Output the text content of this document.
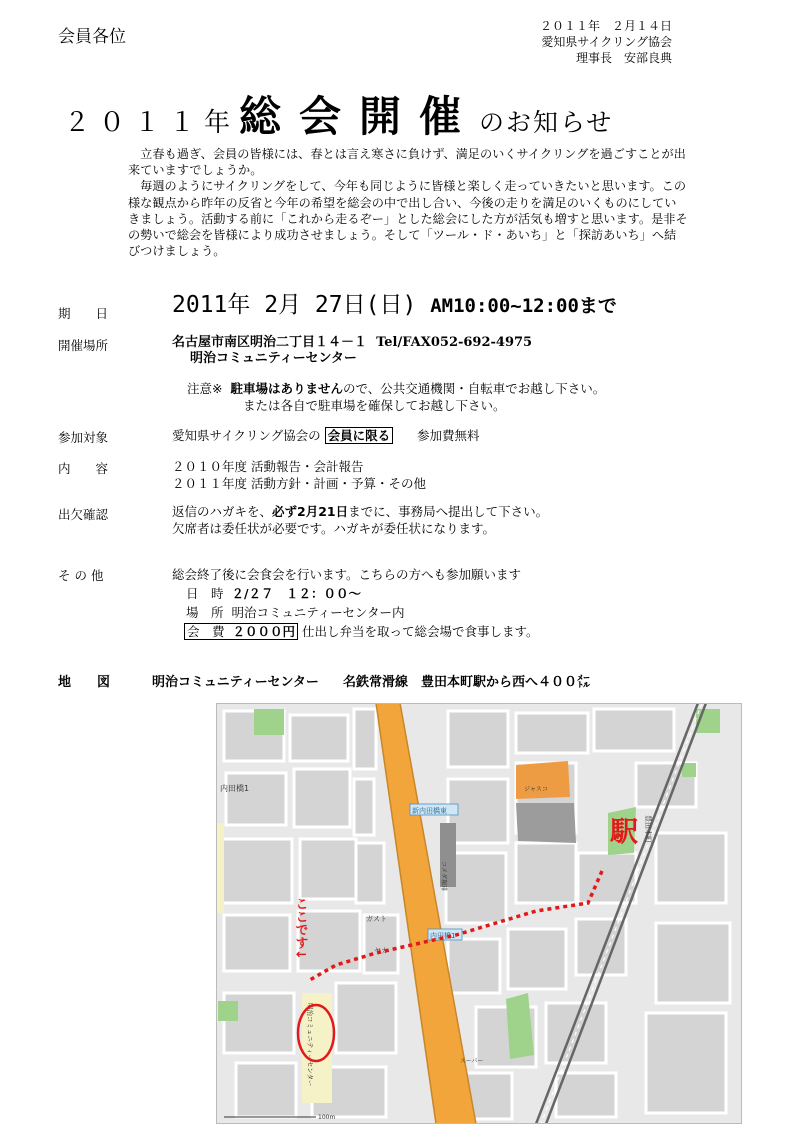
会員各位
２０１１年　２月１４日
愛知県サイクリング協会
理事長　安部良典
２０１１年総会開催のお知らせ

　立春も過ぎ、会員の皆様には、春とは言え寒さに負けず、満足のいくサイクリングを過ごすことが出来ていますでしょうか。

　毎週のようにサイクリングをして、今年も同じように皆様と楽しく走っていきたいと思います。この様な観点から昨年の反省と今年の希望を総会の中で出し合い、今後の走りを満足のいくものにしていきましょう。活動する前に「これから走るぞー」とした総会にした方が活気も増すと思います。是非その勢いで総会を皆様により成功させましょう。そして「ツール・ド・あいち」と「探訪あいち」へ結びつけましょう。

期　　日	2011年 2月 27日(日) AM10:00~12:00まで
開催場所	名古屋市南区明治二丁目１４－１ Tel/FAX052-692-4975
明治コミュニティーセンター
注意※ 駐車場はありませんので、公共交通機関・自転車でお越し下さい。
または各自で駐車場を確保してお越し下さい。
参加対象	愛知県サイクリング協会の 会員に限る 参加費無料
内　　容	２０１０年度 活動報告・会計報告
２０１１年度 活動方針・計画・予算・その他
出欠確認	返信のハガキを、必ず2月21日までに、事務局へ提出して下さい。
欠席者は委任状が必要です。ハガキが委任状になります。
そ の 他	総会終了後に会食会を行います。こちらの方へも参加願います
日　時 ２/２７　１２：００～
場　所 明治コミュニティーセンター内
会　費 ２０００円 仕出し弁当を取って総会場で食事します。
地　　図	明治コミュニティーセンター 名鉄常滑線　豊田本町駅から西へ４００㍍
新内田橋東
内田橋1
内田橋1
ガスト
ヤカ
ジャスコ
コメダ珈琲
スーパー
明治コミュニティーセンター
豊田本町
駅
ここです↓
100m
